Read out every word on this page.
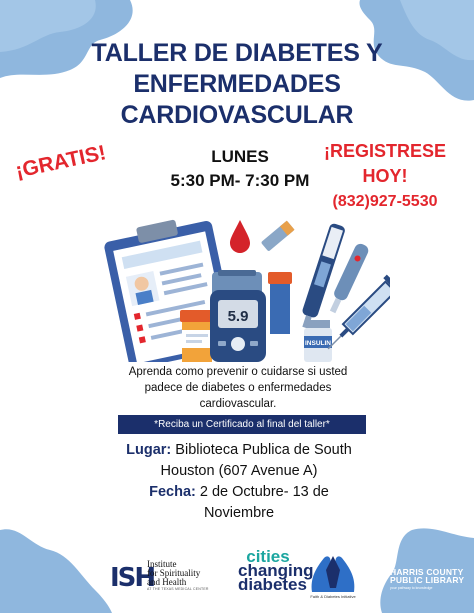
TALLER DE DIABETES Y
ENFERMEDADES
CARDIOVASCULAR
¡GRATIS!	LUNES
5:30 PM- 7:30 PM
¡REGISTRESE
HOY!
(832)927-5530
5.9
INSULIN
Aprenda como prevenir o cuidarse si usted padece de diabetes o enfermedades cardiovascular.
*Reciba un Certificado al final del taller*
Lugar: Biblioteca Publica de South Houston (607 Avenue A)
Fecha: 2 de Octubre- 13 de Noviembre
ISH
Institute
for Spirituality
and Health
AT THE TEXAS MEDICAL CENTER
cities
changing
diabetes
Faith & Diabetes Initiative
HARRIS COUNTY
PUBLIC LIBRARY
your pathway to knowledge
